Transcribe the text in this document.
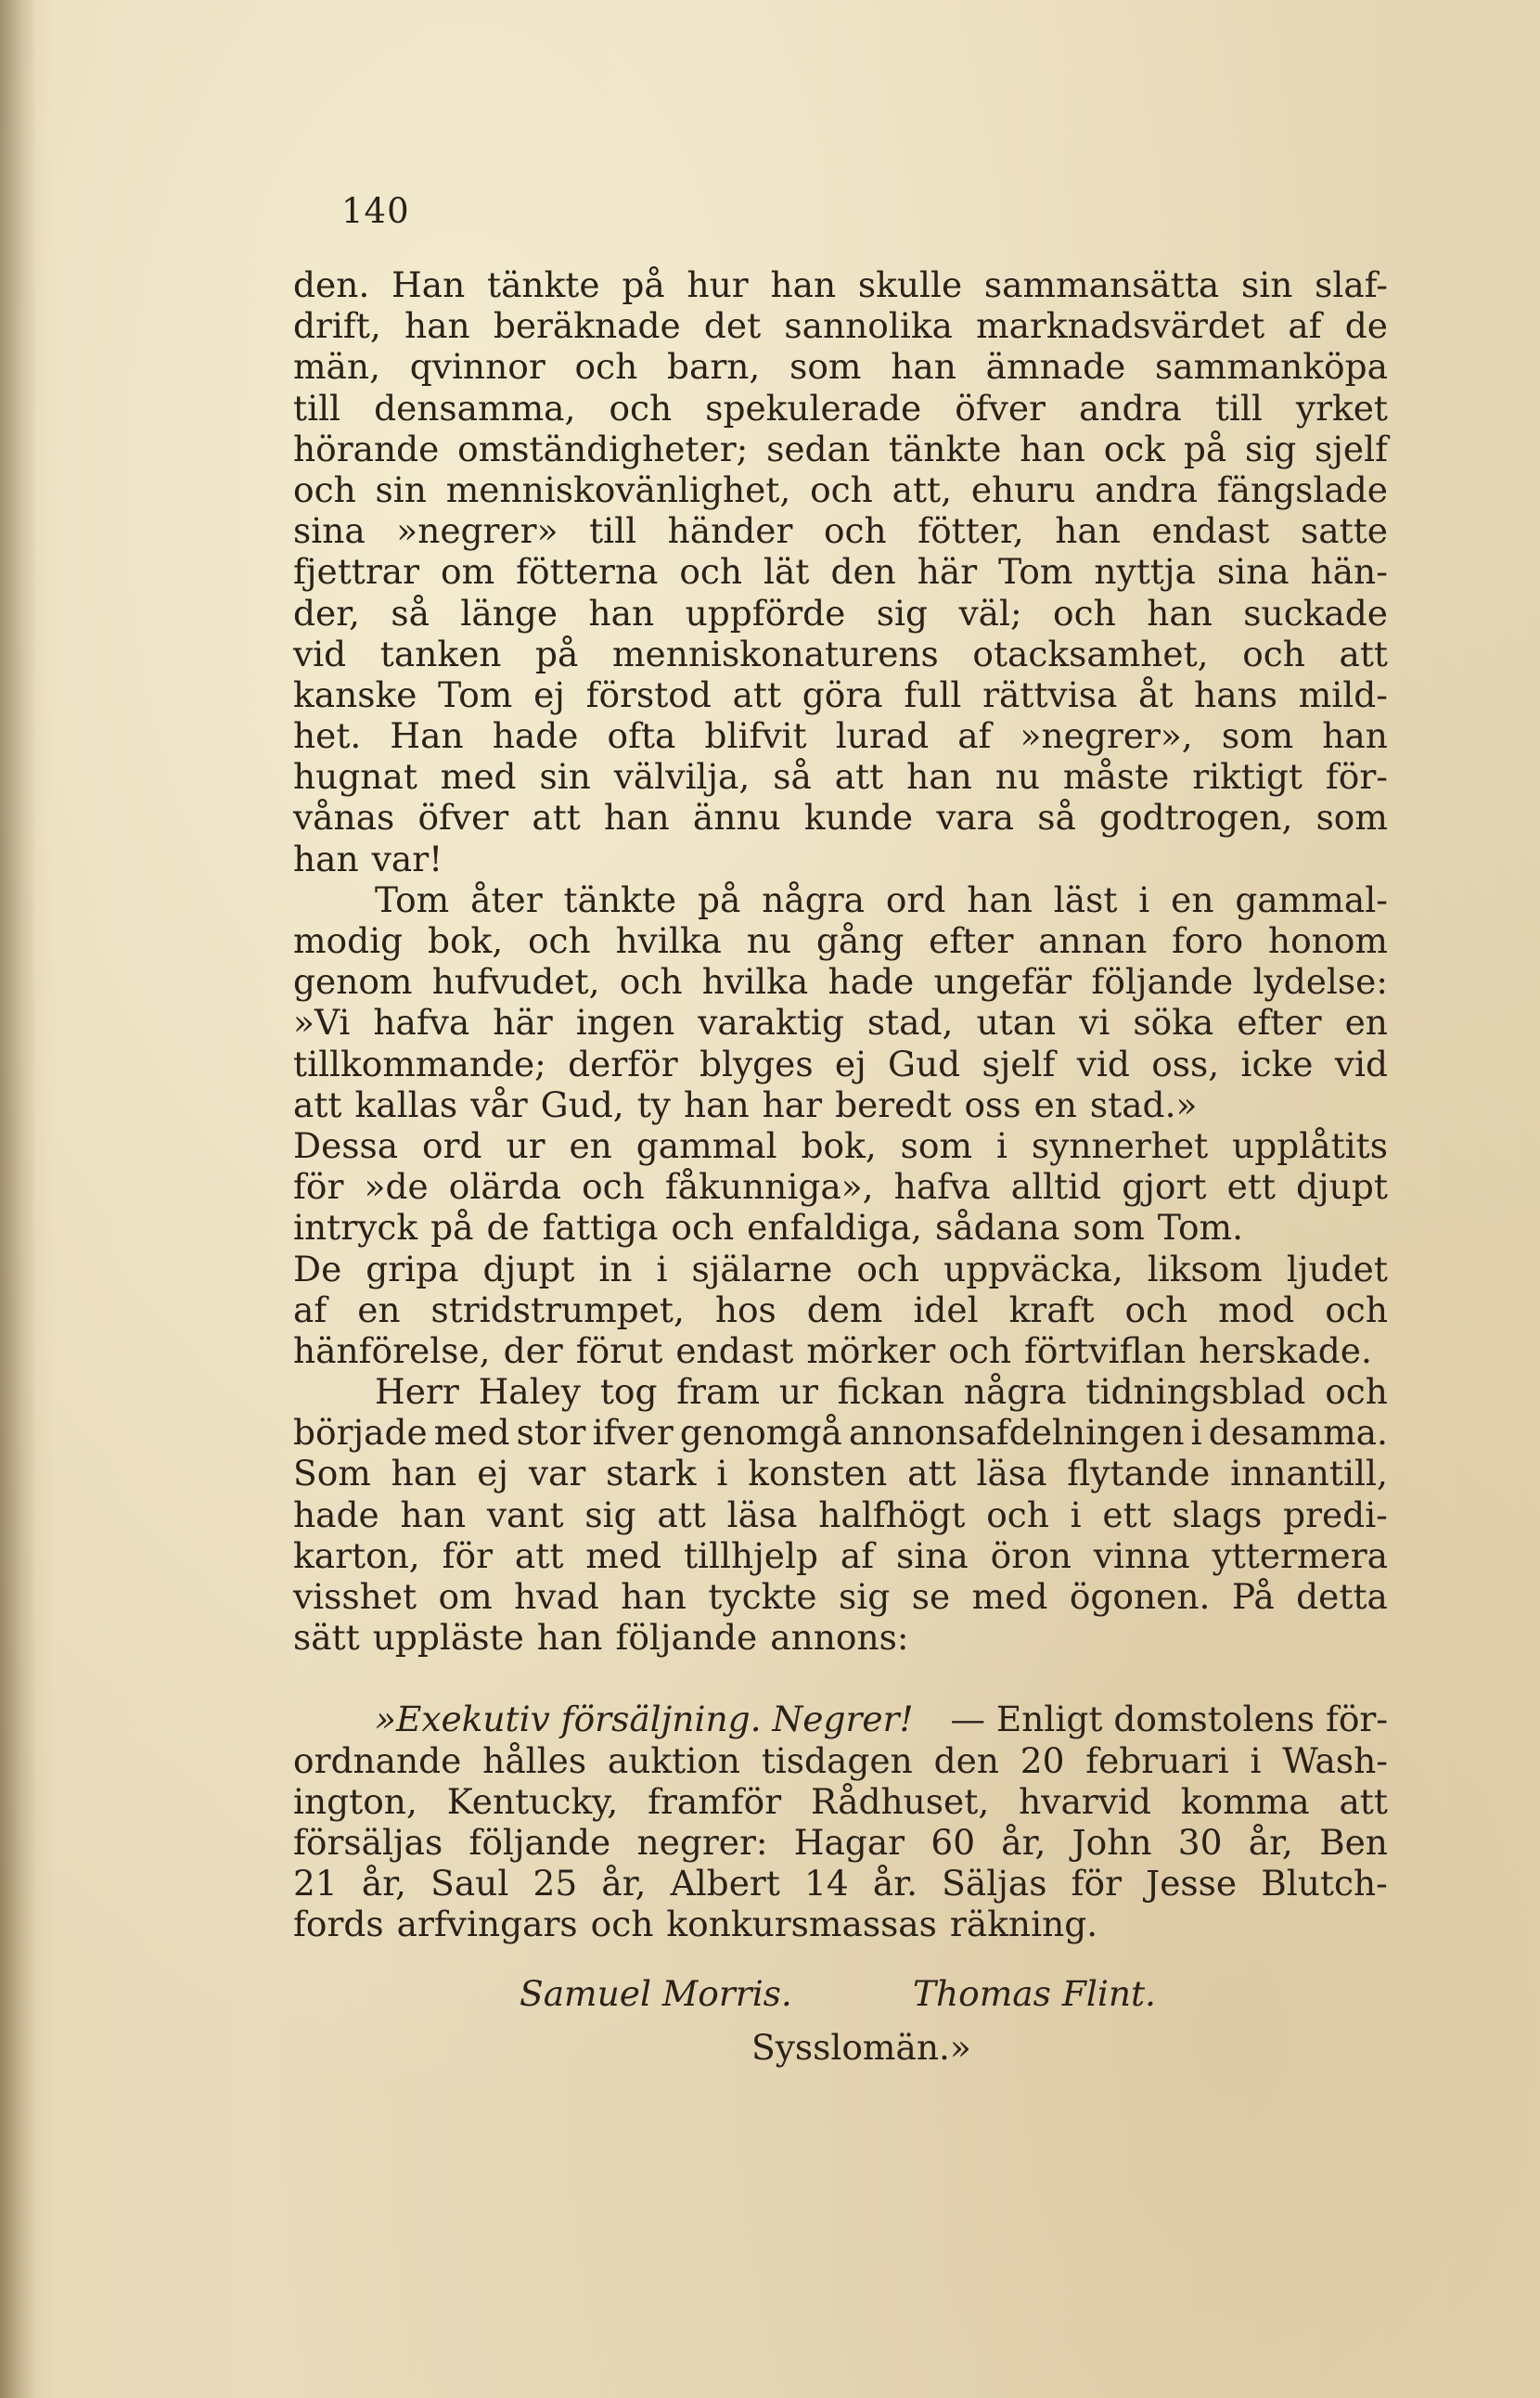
140
den. Han tänkte på hur han skulle sammansätta sin slaf-
drift, han beräknade det sannolika marknadsvärdet af de
män, qvinnor och barn, som han ämnade sammanköpa
till densamma, och spekulerade öfver andra till yrket
hörande omständigheter; sedan tänkte han ock på sig sjelf
och sin menniskovänlighet, och att, ehuru andra fängslade
sina »negrer» till händer och fötter, han endast satte
fjettrar om fötterna och lät den här Tom nyttja sina hän-
der, så länge han uppförde sig väl; och han suckade
vid tanken på menniskonaturens otacksamhet, och att
kanske Tom ej förstod att göra full rättvisa åt hans mild-
het. Han hade ofta blifvit lurad af »negrer», som han
hugnat med sin välvilja, så att han nu måste riktigt för-
vånas öfver att han ännu kunde vara så godtrogen, som
han var!
Tom åter tänkte på några ord han läst i en gammal-
modig bok, och hvilka nu gång efter annan foro honom
genom hufvudet, och hvilka hade ungefär följande lydelse:
»Vi hafva här ingen varaktig stad, utan vi söka efter en
tillkommande; derför blyges ej Gud sjelf vid oss, icke vid
att kallas vår Gud, ty han har beredt oss en stad.»
Dessa ord ur en gammal bok, som i synnerhet upplåtits
för »de olärda och fåkunniga», hafva alltid gjort ett djupt
intryck på de fattiga och enfaldiga, sådana som Tom.
De gripa djupt in i själarne och uppväcka, liksom ljudet
af en stridstrumpet, hos dem idel kraft och mod och
hänförelse, der förut endast mörker och förtviflan herskade.
Herr Haley tog fram ur fickan några tidningsblad och
började med stor ifver genomgå annonsafdelningen i desamma.
Som han ej var stark i konsten att läsa flytande innantill,
hade han vant sig att läsa halfhögt och i ett slags predi-
karton, för att med tillhjelp af sina öron vinna yttermera
visshet om hvad han tyckte sig se med ögonen. På detta
sätt uppläste han följande annons:
»Exekutiv försäljning. Negrer! — Enligt domstolens för-
ordnande hålles auktion tisdagen den 20 februari i Wash-
ington, Kentucky, framför Rådhuset, hvarvid komma att
försäljas följande negrer: Hagar 60 år, John 30 år, Ben
21 år, Saul 25 år, Albert 14 år. Säljas för Jesse Blutch-
fords arfvingars och konkursmassas räkning.
Samuel Morris.	Thomas Flint.
Sysslomän.»
